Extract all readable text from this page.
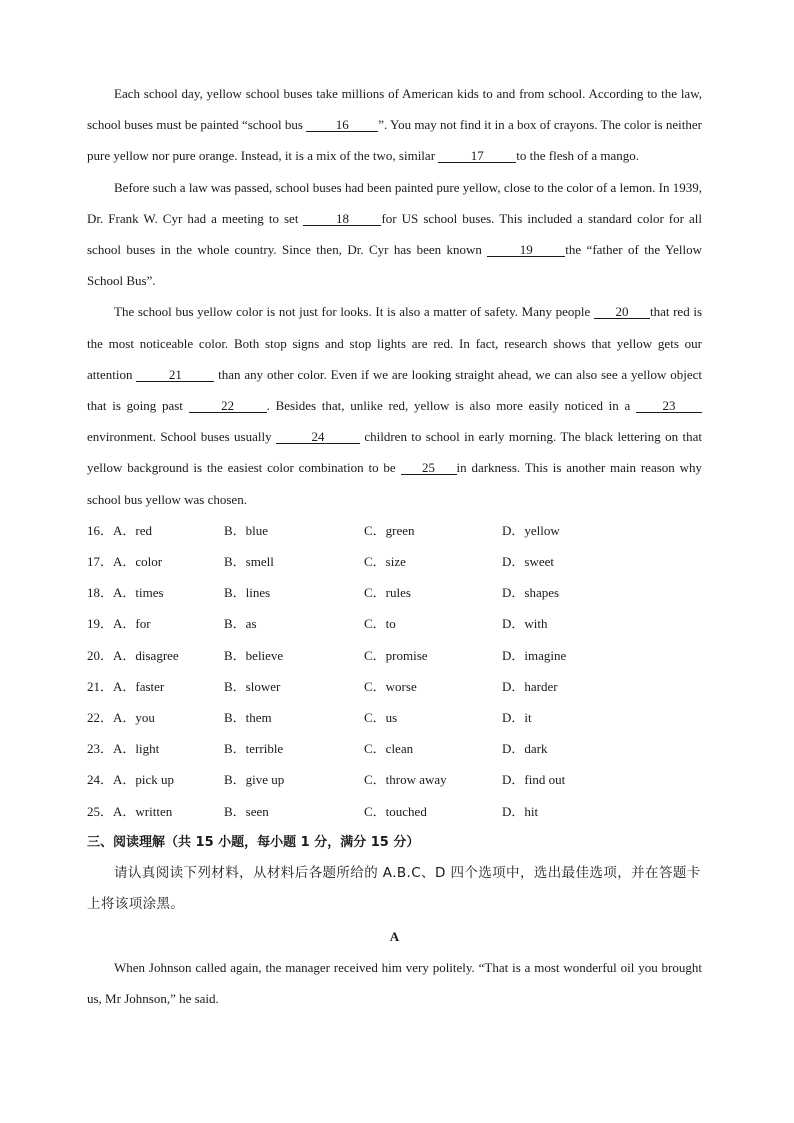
Each school day, yellow school buses take millions of American kids to and from school. According to the law, school buses must be painted “school bus 16 ”. You may not find it in a box of crayons. The color is neither pure yellow nor pure orange. Instead, it is a mix of the two, similar	17	to the flesh of a mango.

Before such a law was passed, school buses had been painted pure yellow, close to the color of a lemon. In 1939, Dr. Frank W. Cyr had a meeting to set	18	for US school buses. This included a standard color for all school buses in the whole country. Since then, Dr. Cyr has been known	19	the “father of the Yellow School Bus”.

The school bus yellow color is not just for looks. It is also a matter of safety. Many people 20 that red is the most noticeable color. Both stop signs and stop lights are red. In fact, research shows that yellow gets our attention	21	than any other color. Even if we are looking straight ahead, we can also see a yellow object that is going past	22	. Besides that, unlike red, yellow is also more easily noticed in a 23environment. School buses usually	24	children to school in early morning. The black lettering on that yellow background is the easiest color combination to be 25 in darkness. This is another main reason why school bus yellow was chosen.

16．A．red	B．blue	C．green	D．yellow
17．A．color	B．smell	C．size	D．sweet
18．A．times	B．lines	C．rules	D．shapes
19．A．for	B．as	C．to	D．with
20．A．disagree	B．believe	C．promise	D．imagine
21．A．faster	B．slower	C．worse	D．harder
22．A．you	B．them	C．us	D．it
23．A．light	B．terrible	C．clean	D．dark
24．A．pick up	B．give up	C．throw away	D．find out
25．A．written	B．seen	C．touched	D．hit

三、阅读理解（共 15 小题，每小题 1 分，满分 15 分）

请认真阅读下列材料，从材料后各题所给的 A.B.C、D 四个选项中，选出最佳选项，并在答题卡上将该项涂黑。

A

When Johnson called again, the manager received him very politely. “That is a most wonderful oil you brought us, Mr Johnson,” he said.
